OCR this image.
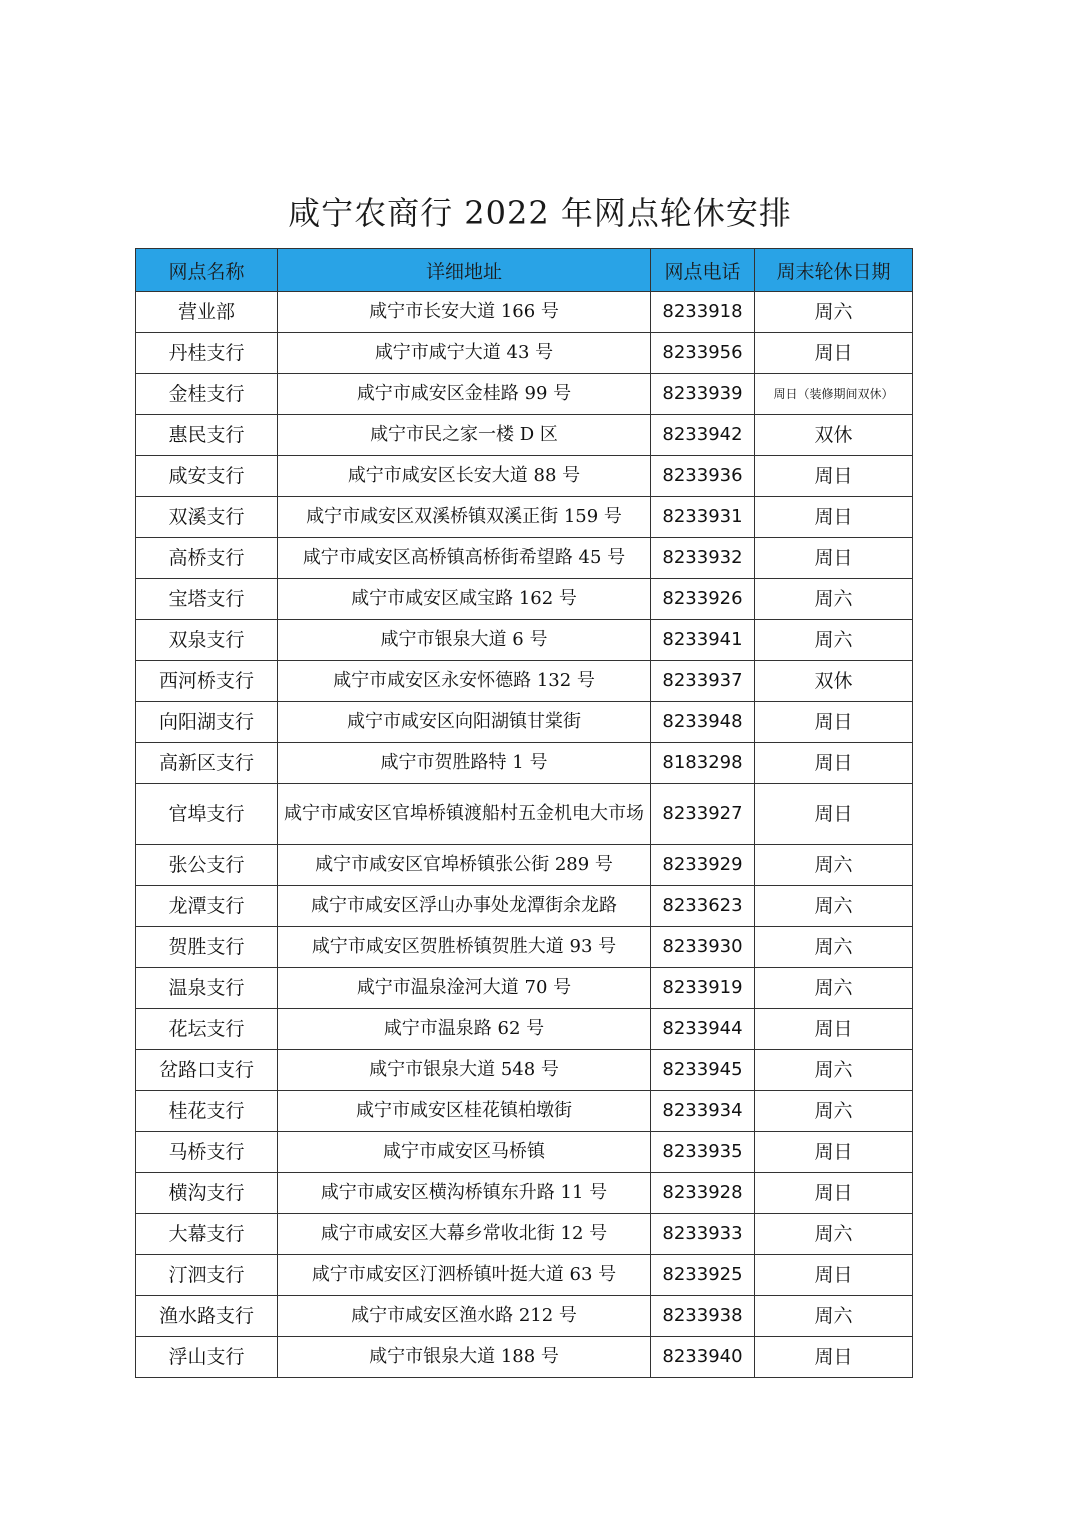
咸宁农商行 2022 年网点轮休安排
网点名称	详细地址	网点电话	周末轮休日期
营业部	咸宁市长安大道 166 号	8233918	周六
丹桂支行	咸宁市咸宁大道 43 号	8233956	周日
金桂支行	咸宁市咸安区金桂路 99 号	8233939	周日（装修期间双休）
惠民支行	咸宁市民之家一楼 D 区	8233942	双休
咸安支行	咸宁市咸安区长安大道 88 号	8233936	周日
双溪支行	咸宁市咸安区双溪桥镇双溪正街 159 号	8233931	周日
高桥支行	咸宁市咸安区高桥镇高桥街希望路 45 号	8233932	周日
宝塔支行	咸宁市咸安区咸宝路 162 号	8233926	周六
双泉支行	咸宁市银泉大道 6 号	8233941	周六
西河桥支行	咸宁市咸安区永安怀德路 132 号	8233937	双休
向阳湖支行	咸宁市咸安区向阳湖镇甘棠街	8233948	周日
高新区支行	咸宁市贺胜路特 1 号	8183298	周日
官埠支行	咸宁市咸安区官埠桥镇渡船村五金机电大市场	8233927	周日
张公支行	咸宁市咸安区官埠桥镇张公街 289 号	8233929	周六
龙潭支行	咸宁市咸安区浮山办事处龙潭街余龙路	8233623	周六
贺胜支行	咸宁市咸安区贺胜桥镇贺胜大道 93 号	8233930	周六
温泉支行	咸宁市温泉淦河大道 70 号	8233919	周六
花坛支行	咸宁市温泉路 62 号	8233944	周日
岔路口支行	咸宁市银泉大道 548 号	8233945	周六
桂花支行	咸宁市咸安区桂花镇柏墩街	8233934	周六
马桥支行	咸宁市咸安区马桥镇	8233935	周日
横沟支行	咸宁市咸安区横沟桥镇东升路 11 号	8233928	周日
大幕支行	咸宁市咸安区大幕乡常收北街 12 号	8233933	周六
汀泗支行	咸宁市咸安区汀泗桥镇叶挺大道 63 号	8233925	周日
渔水路支行	咸宁市咸安区渔水路 212 号	8233938	周六
浮山支行	咸宁市银泉大道 188 号	8233940	周日
